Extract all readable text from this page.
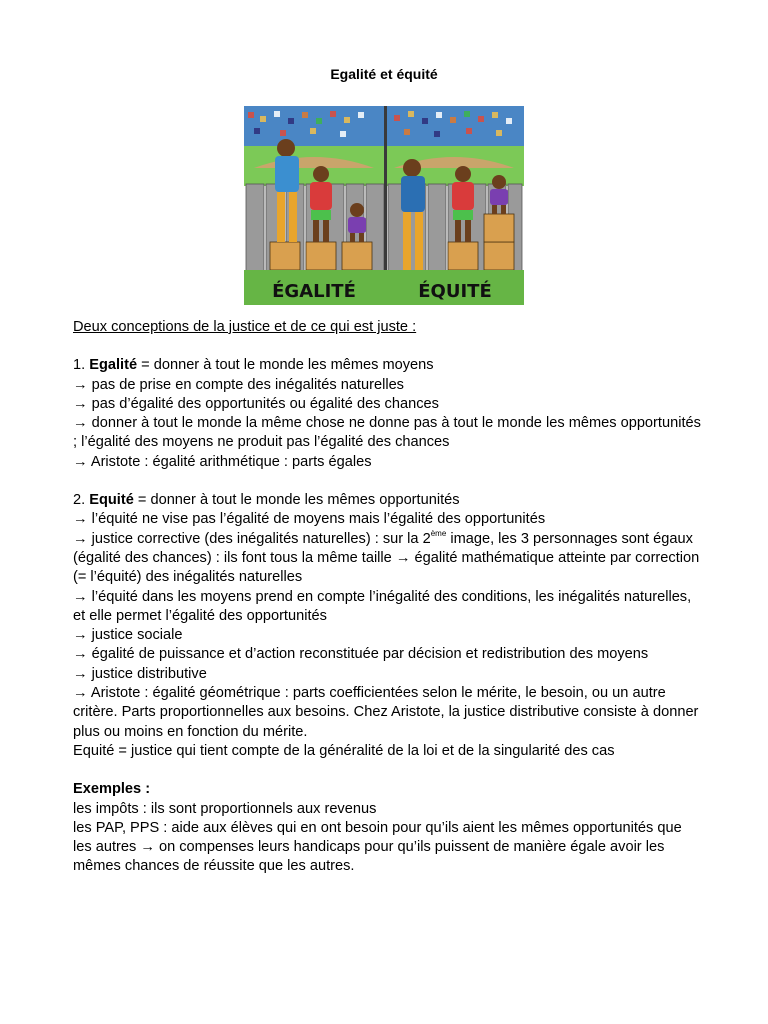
Egalité et équité
ÉGALITÉ	ÉQUITÉ

Deux conceptions de la justice et de ce qui est juste :

1. Egalité = donner à tout le monde les mêmes moyens

→ pas de prise en compte des inégalités naturelles

→ pas d’égalité des opportunités ou égalité des chances

→ donner à tout le monde la même chose ne donne pas à tout le monde les mêmes opportunités ; l’égalité des moyens ne produit pas l’égalité des chances

→ Aristote : égalité arithmétique : parts égales

2. Equité = donner à tout le monde les mêmes opportunités

→ l’équité ne vise pas l’égalité de moyens mais l’égalité des opportunités

→ justice corrective (des inégalités naturelles) : sur la 2ème image, les 3 personnages sont égaux (égalité des chances) : ils font tous la même taille → égalité mathématique atteinte par correction (= l’équité) des inégalités naturelles

→ l’équité dans les moyens prend en compte l’inégalité des conditions, les inégalités naturelles, et elle permet l’égalité des opportunités

→ justice sociale

→ égalité de puissance et d’action reconstituée par décision et redistribution des moyens

→ justice distributive

→ Aristote : égalité géométrique : parts coefficientées selon le mérite, le besoin, ou un autre critère. Parts proportionnelles aux besoins. Chez Aristote, la justice distributive consiste à donner plus ou moins en fonction du mérite.

Equité = justice qui tient compte de la généralité de la loi et de la singularité des cas

Exemples :

les impôts : ils sont proportionnels aux revenus

les PAP, PPS : aide aux élèves qui en ont besoin pour qu’ils aient les mêmes opportunités que les autres → on compenses leurs handicaps pour qu’ils puissent de manière égale avoir les mêmes chances de réussite que les autres.
